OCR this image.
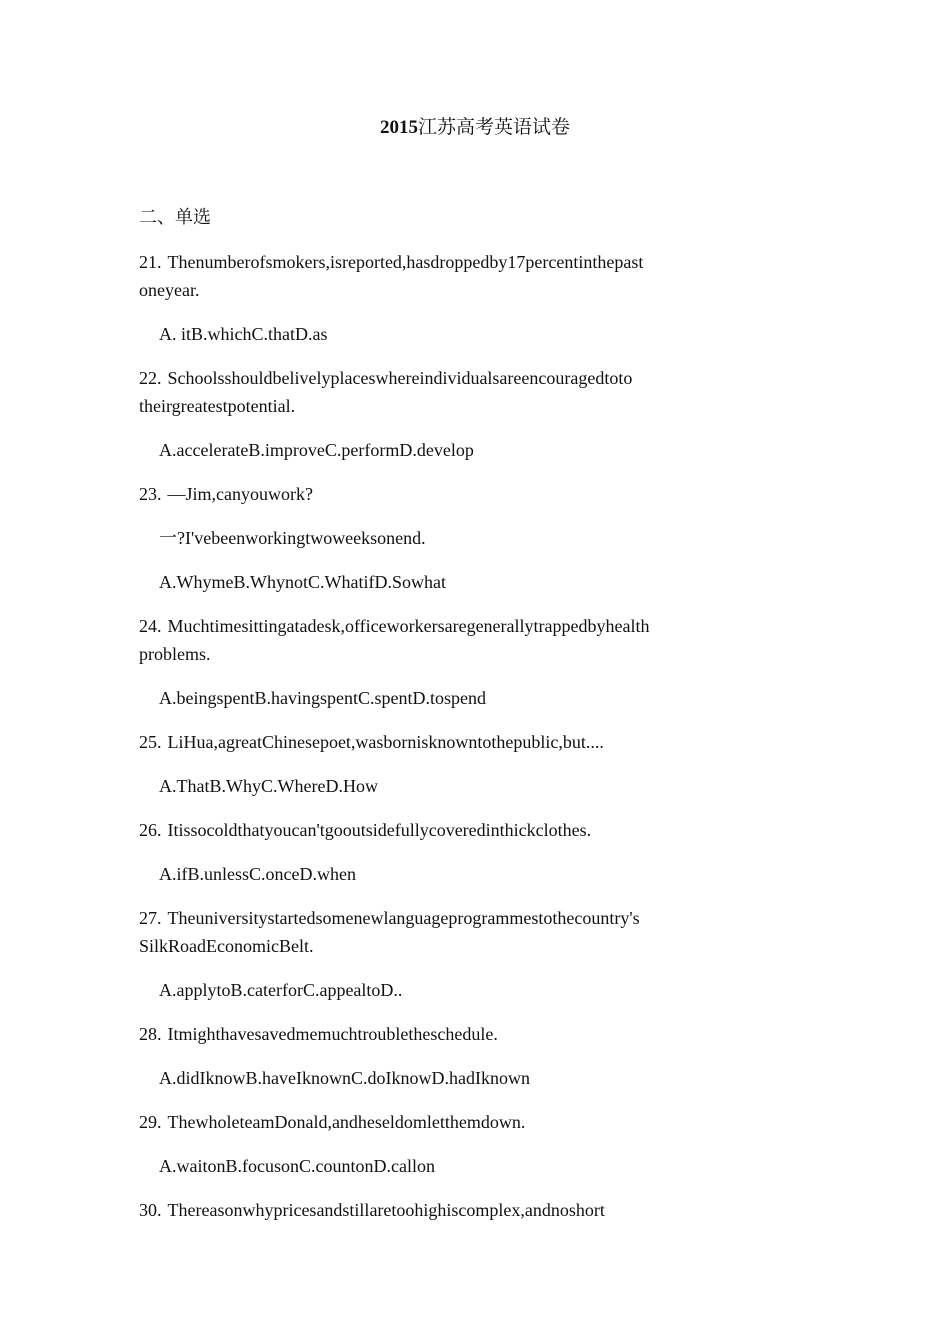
2015江苏高考英语试卷
二、单选

21. Thenumberofsmokers,isreported,hasdroppedby17percentinthepast
oneyear.

A. itB.whichC.thatD.as

22. Schoolsshouldbelivelyplaceswhereindividualsareencouragedtoto
theirgreatestpotential.

A.accelerateB.improveC.performD.develop

23. —Jim,canyouwork?

一?I'vebeenworkingtwoweeksonend.

A.WhymeB.WhynotC.WhatifD.Sowhat

24. Muchtimesittingatadesk,officeworkersaregenerallytrappedbyhealth
problems.

A.beingspentB.havingspentC.spentD.tospend

25. LiHua,agreatChinesepoet,wasbornisknowntothepublic,but....

A.ThatB.WhyC.WhereD.How

26. Itissocoldthatyoucan'tgooutsidefullycoveredinthickclothes.

A.ifB.unlessC.onceD.when

27. Theuniversitystartedsomenewlanguageprogrammestothecountry's
SilkRoadEconomicBelt.

A.applytoB.caterforC.appealtoD..

28. Itmighthavesavedmemuchtroubletheschedule.

A.didIknowB.haveIknownC.doIknowD.hadIknown

29. ThewholeteamDonald,andheseldomletthemdown.

A.waitonB.focusonC.countonD.callon

30. Thereasonwhypricesandstillaretoohighiscomplex,andnoshort
